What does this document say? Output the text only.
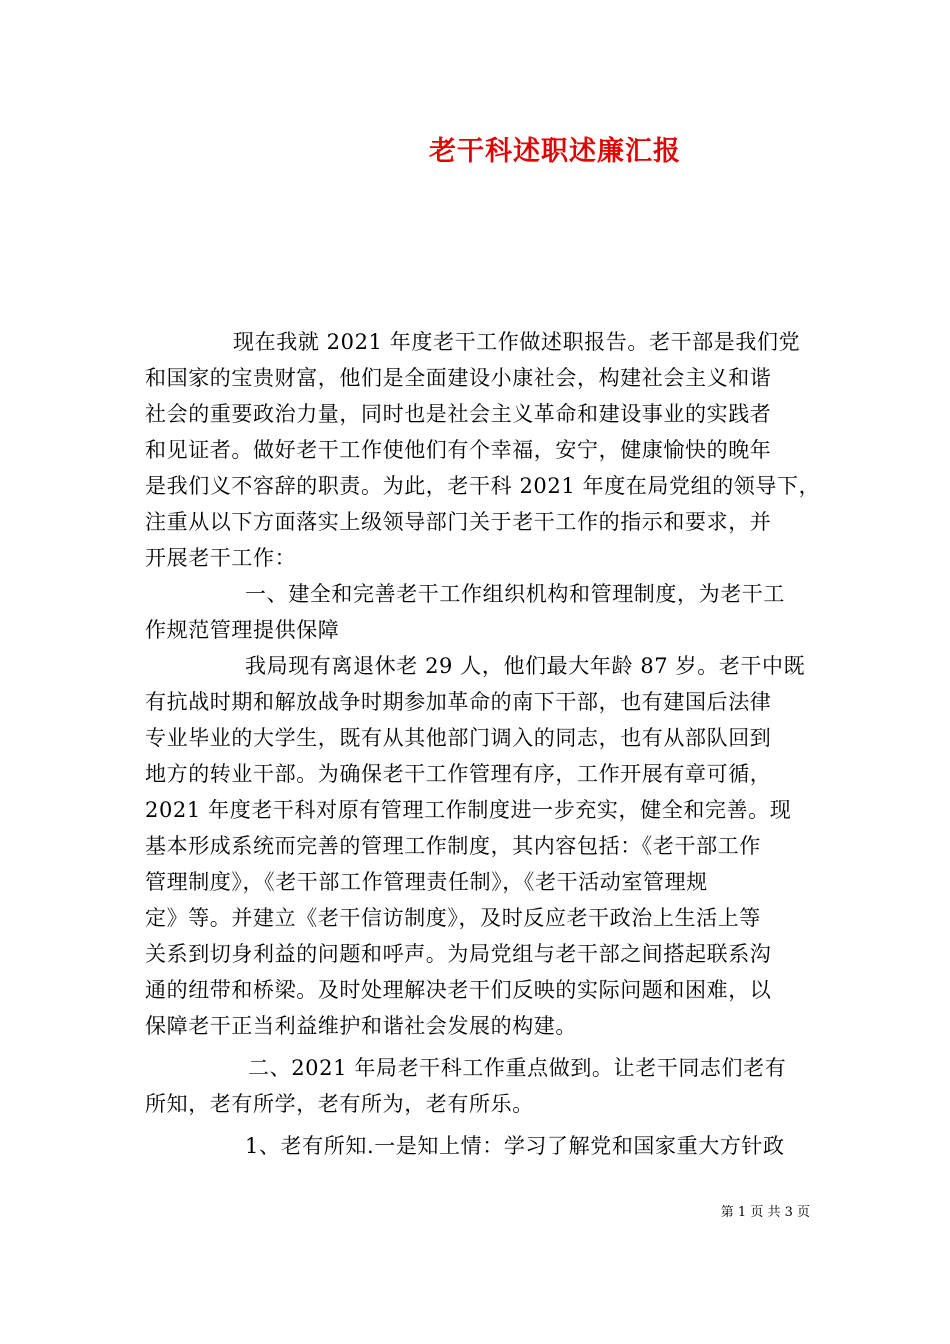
老干科述职述廉汇报
现在我就 2021 年度老干工作做述职报告。老干部是我们党
和国家的宝贵财富，他们是全面建设小康社会，构建社会主义和谐
社会的重要政治力量，同时也是社会主义革命和建设事业的实践者
和见证者。做好老干工作使他们有个幸福，安宁，健康愉快的晚年
是我们义不容辞的职责。为此，老干科 2021 年度在局党组的领导下，
注重从以下方面落实上级领导部门关于老干工作的指示和要求，并
开展老干工作：
一、建全和完善老干工作组织机构和管理制度，为老干工
作规范管理提供保障
我局现有离退休老 29 人，他们最大年龄 87 岁。老干中既
有抗战时期和解放战争时期参加革命的南下干部，也有建国后法律
专业毕业的大学生，既有从其他部门调入的同志，也有从部队回到
地方的转业干部。为确保老干工作管理有序，工作开展有章可循，
2021 年度老干科对原有管理工作制度进一步充实，健全和完善。现
基本形成系统而完善的管理工作制度，其内容包括：《老干部工作
管理制度》，《老干部工作管理责任制》，《老干活动室管理规
定》等。并建立《老干信访制度》，及时反应老干政治上生活上等
关系到切身利益的问题和呼声。为局党组与老干部之间搭起联系沟
通的纽带和桥梁。及时处理解决老干们反映的实际问题和困难，以
保障老干正当利益维护和谐社会发展的构建。
二、2021 年局老干科工作重点做到。让老干同志们老有
所知，老有所学，老有所为，老有所乐。
1、老有所知.一是知上情：学习了解党和国家重大方针政
第 1 页 共 3 页
